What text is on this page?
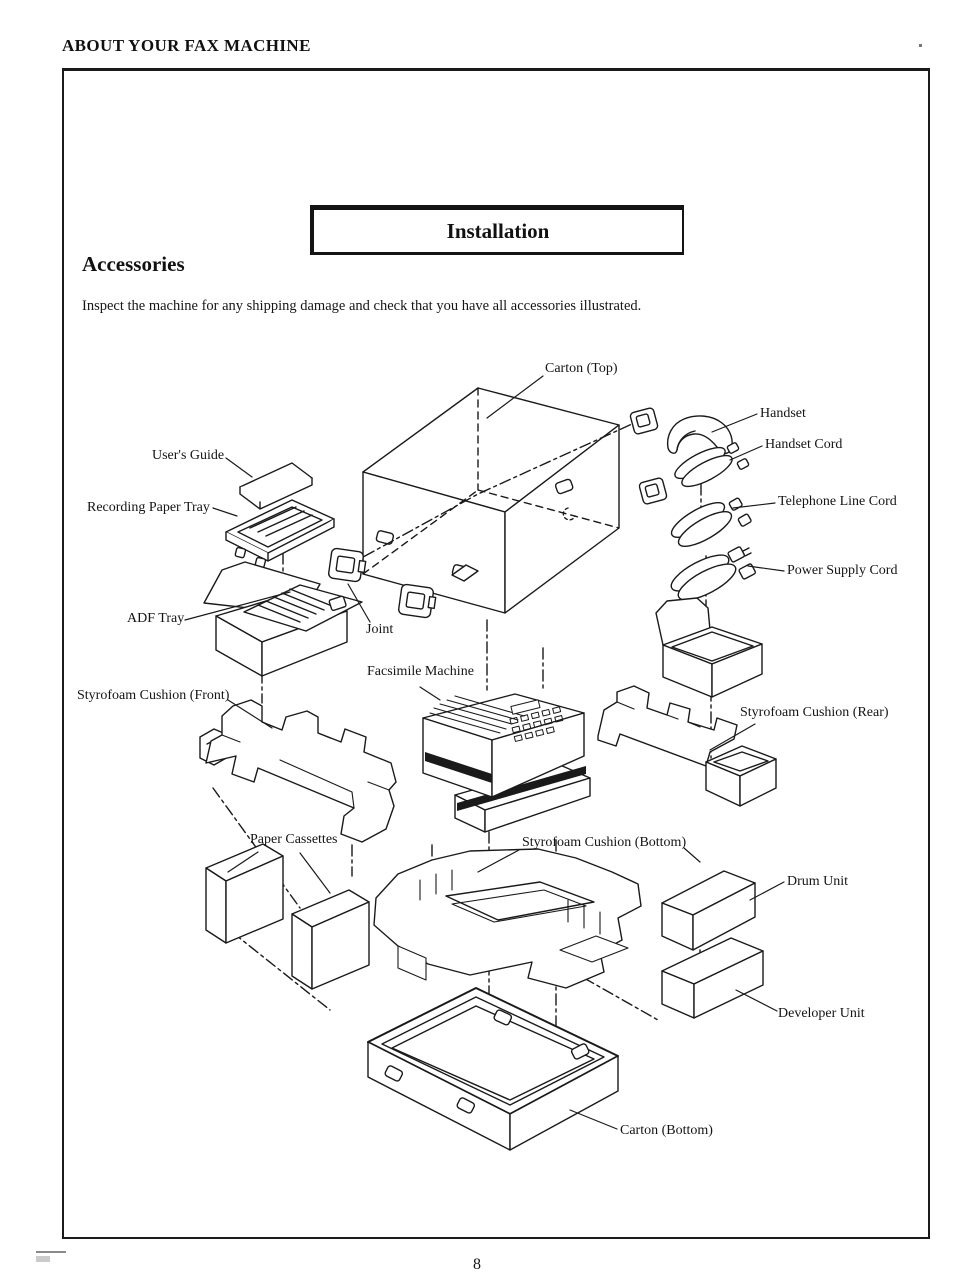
ABOUT YOUR FAX MACHINE
Installation
Accessories
Inspect the machine for any shipping damage and check that you have all accessories illustrated.
Carton (Top)
Handset
Handset Cord
Telephone Line Cord
Power Supply Cord
User's Guide
Recording Paper Tray
ADF Tray
Joint
Facsimile Machine
Styrofoam Cushion (Front)
Styrofoam Cushion (Rear)
Paper Cassettes	Styrofoam Cushion (Bottom)
Drum Unit
Developer Unit
Carton (Bottom)
8
